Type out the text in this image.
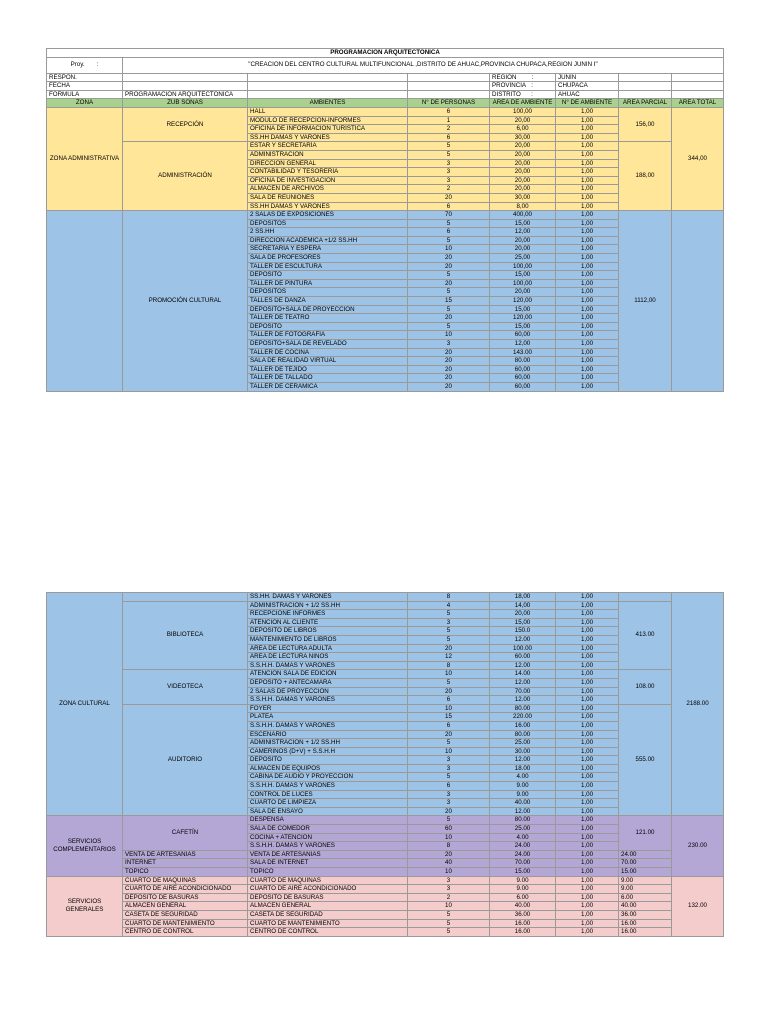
PROGRAMACION ARQUITECTONICA							
Proy. :	"CREACION DEL CENTRO CULTURAL MULTIFUNCIONAL ,DISTRITO DE AHUAC,PROVINCIA CHUPACA,REGION JUNIN I"						
RESPON.				REGION :	JUNIN		
FECHA				PROVINCIA :	CHUPACA		
FORMULA	PROGRAMACIÓN ARQUITECTONICA			DISTRITO :	AHUAC		
ZONA	ZUB SONAS	AMBIENTES	N° DE PERSONAS	ÁREA DE AMBIENTE	N° DE AMBIENTE	ÁREA PARCIAL	ÁREA TOTAL
ZONA ADMINISTRATIVA	RECEPCIÓN	HALL	6	100,00	1,00	156,00	344,00
		MODULO DE RECEPCIÓN-INFORMES	1	20,00	1,00		
		OFICINA DE INFORMACIÓN TURÍSTICA	2	6,00	1,00		
		SS.HH DAMAS Y VARONES	6	30,00	1,00		
	ADMINISTRACIÓN	ESTAR Y SECRETARÍA	5	20,00	1,00	188,00	
		ADMINISTRACIÓN	5	20,00	1,00		
		DIRECCIÓN GENERAL	3	20,00	1,00		
		CONTABILIDAD Y TESORERÍA	3	20,00	1,00		
		OFICINA DE INVESTIGACIÓN	3	20,00	1,00		
		ALMACÉN DE ARCHIVOS	2	20,00	1,00		
		SALA DE REUNIONES	20	30,00	1,00		
		SS.HH DAMAS Y VARONES	6	8,00	1,00		
	PROMOCIÓN CULTURAL	2 SALAS DE EXPOSICIONES	70	400,00	1,00	1112,00	
		DEPÓSITOS	5	15,00	1,00		
		2 SS.HH	6	12,00	1,00		
		DIRECCIÓN ACADÉMICA +1/2 SS.HH	5	20,00	1,00		
		SECRETARÍA Y ESPERA	10	20,00	1,00		
		SALA DE PROFESORES	20	25,00	1,00		
		TALLER DE ESCULTURA	20	100,00	1,00		
		DEPÓSITO	5	15,00	1,00		
		TALLER DE PINTURA	20	100,00	1,00		
		DEPOSITOS	5	20,00	1,00		
		TALLES DE DANZA	15	120,00	1,00		
		DEPÓSITO+SALA DE PROYECCION	5	15,00	1,00		
		TALLER DE TEATRO	20	120,00	1,00		
		DEPÓSITO	5	15,00	1,00		
		TALLER DE FOTOGRAFÍA	10	60,00	1,00		
		DEPÓSITO+SALA DE REVELADO	3	12,00	1,00		
		TALLER DE COCINA	20	143.00	1,00		
		SALA DE REALIDAD VIRTUAL	20	80.00	1,00		
		TALLER DE TEJIDO	20	60,00	1,00		
		TALLER DE TALLADO	20	60,00	1,00		
		TALLER DE CERÁMICA	20	60,00	1,00		
ZONA CULTURAL		SS.HH. DAMAS Y VARONES	8	18,00	1,00		2188.00
	BIBLIOTECA	ADMINISTRACIÓN + 1/2 SS.HH	4	14,00	1,00	413.00	
		RECEPCIÓNE INFORMES	5	20,00	1,00		
		ATENCIÓN AL CLIENTE	3	15,00	1,00		
		DEPÓSITO DE LIBROS	5	150.0	1,00		
		MANTENIMIENTO DE LIBROS	5	12.00	1,00		
		ÁREA DE LECTURA ADULTA	20	100.00	1,00		
		ÁREA DE LECTURA NIÑOS	12	60.00	1,00		
		S.S.H.H. DAMAS Y VARONES	8	12.00	1,00		
	VIDEOTECA	ATENCION SALA DE EDICIÓN	10	14.00	1,00	108.00	
		DEPÓSITO + ANTECAMARA	5	12.00	1,00		
		2 SALAS DE PROYECCIÓN	20	70.00	1,00		
		S.S.H.H. DAMAS Y VARONES	6	12.00	1,00		
	AUDITORIO	FOYER	10	80.00	1,00	555.00	
		PLATEA	15	220.00	1,00		
		S.S.H.H. DAMAS Y VARONES	6	16.00	1,00		
		ESCENARIO	20	80.00	1,00		
		ADMINISTRACIÓN + 1/2 SS.HH	5	25.00	1,00		
		CAMERINOS (D+V) + S.S.H.H	10	30.00	1,00		
		DEPÓSITO	3	12.00	1,00		
		ALMACEN DE EQUIPOS	3	18.00	1,00		
		CABINA DE AUDIO Y PROYECCIÓN	5	4.00	1,00		
		S.S.H.H. DAMAS Y VARONES	6	9.00	1,00		
		CONTROL DE LUCES	3	9.00	1,00		
		CUARTO DE LIMPIEZA	3	40.00	1,00		
		SALA DE ENSAYO	20	12.00	1,00		
SERVICIOS COMPLEMENTARIOS	CAFETÍN	DESPENSA	5	80.00	1,00	121.00	230.00
		SALA DE COMEDOR	60	25.00	1,00		
		COCINA + ATENCIÓN	10	4.00	1,00		
		S.S.H.H. DAMAS Y VARONES	8	24.00	1,00		
	VENTA DE ARTESANIAS	VENTA DE ARTESANIAS	20	24.00	1,00	24.00	
	INTERNET	SALA DE INTERNET	40	70.00	1,00	70.00	
	TOPICO	TOPICO	10	15.00	1,00	15.00	
SERVICIOS GENERALES	CUARTO DE MAQUINAS	CUARTO DE MAQUINAS	3	9.00	1,00	9.00	132.00
	CUARTO DE AIRE ACONDICIONADO	CUARTO DE AIRE ACONDICIONADO	3	9.00	1,00	9.00	
	DEPOSITO DE BASURAS	DEPOSITO DE BASURAS	2	6.00	1,00	6.00	
	ALMACEN GENERAL	ALMACEN GENERAL	10	40.00	1,00	40.00	
	CASETA DE SEGURIDAD	CASETA DE SEGURIDAD	5	36.00	1,00	36.00	
	CUARTO DE MANTENIMIENTO	CUARTO DE MANTENIMIENTO	5	16.00	1,00	16.00	
	CENTRO DE CONTROL	CENTRO DE CONTROL	5	16.00	1,00	16.00	
